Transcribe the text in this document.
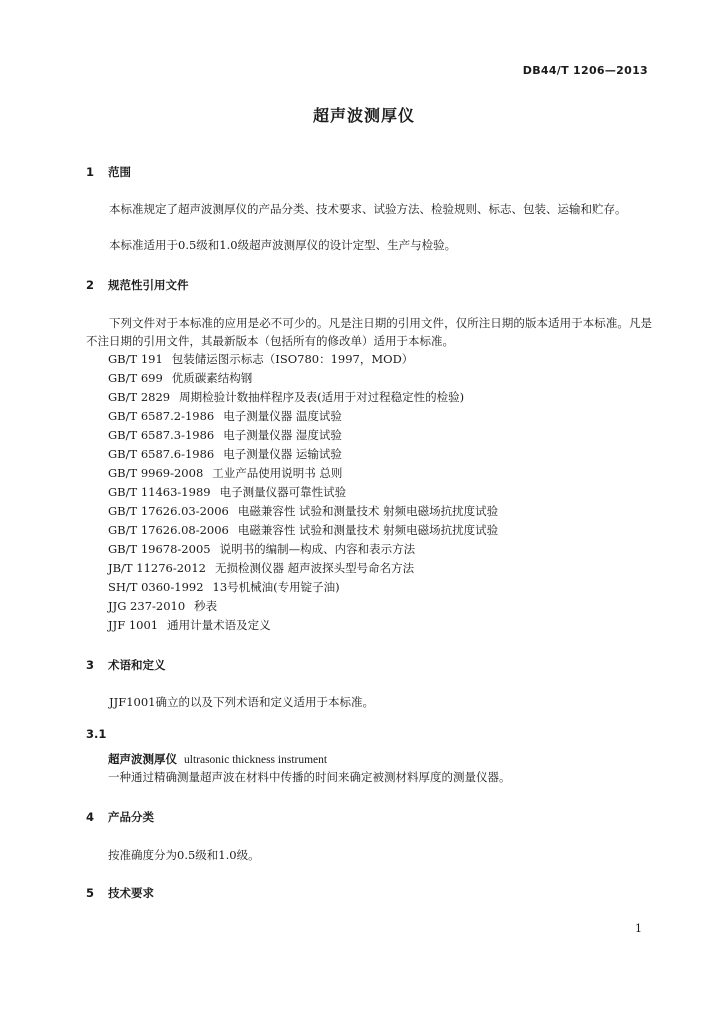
DB44/T 1206—2013
超声波测厚仪
1 范围
本标准规定了超声波测厚仪的产品分类、技术要求、试验方法、检验规则、标志、包装、运输和贮存。
本标准适用于0.5级和1.0级超声波测厚仪的设计定型、生产与检验。
2 规范性引用文件
下列文件对于本标准的应用是必不可少的。凡是注日期的引用文件，仅所注日期的版本适用于本标准。凡是不注日期的引用文件，其最新版本（包括所有的修改单）适用于本标准。
GB/T 191 包装储运图示标志（ISO780：1997，MOD）
GB/T 699 优质碳素结构钢
GB/T 2829 周期检验计数抽样程序及表(适用于对过程稳定性的检验)
GB/T 6587.2-1986 电子测量仪器 温度试验
GB/T 6587.3-1986 电子测量仪器 湿度试验
GB/T 6587.6-1986 电子测量仪器 运输试验
GB/T 9969-2008 工业产品使用说明书 总则
GB/T 11463-1989 电子测量仪器可靠性试验
GB/T 17626.03-2006 电磁兼容性 试验和测量技术 射频电磁场抗扰度试验
GB/T 17626.08-2006 电磁兼容性 试验和测量技术 射频电磁场抗扰度试验
GB/T 19678-2005 说明书的编制—构成、内容和表示方法
JB/T 11276-2012 无损检测仪器 超声波探头型号命名方法
SH/T 0360-1992 13号机械油(专用锭子油)
JJG 237-2010 秒表
JJF 1001 通用计量术语及定义
3 术语和定义
JJF1001确立的以及下列术语和定义适用于本标准。
3.1
超声波测厚仪 ultrasonic thickness instrument
一种通过精确测量超声波在材料中传播的时间来确定被测材料厚度的测量仪器。
4 产品分类
按准确度分为0.5级和1.0级。
5 技术要求
1
